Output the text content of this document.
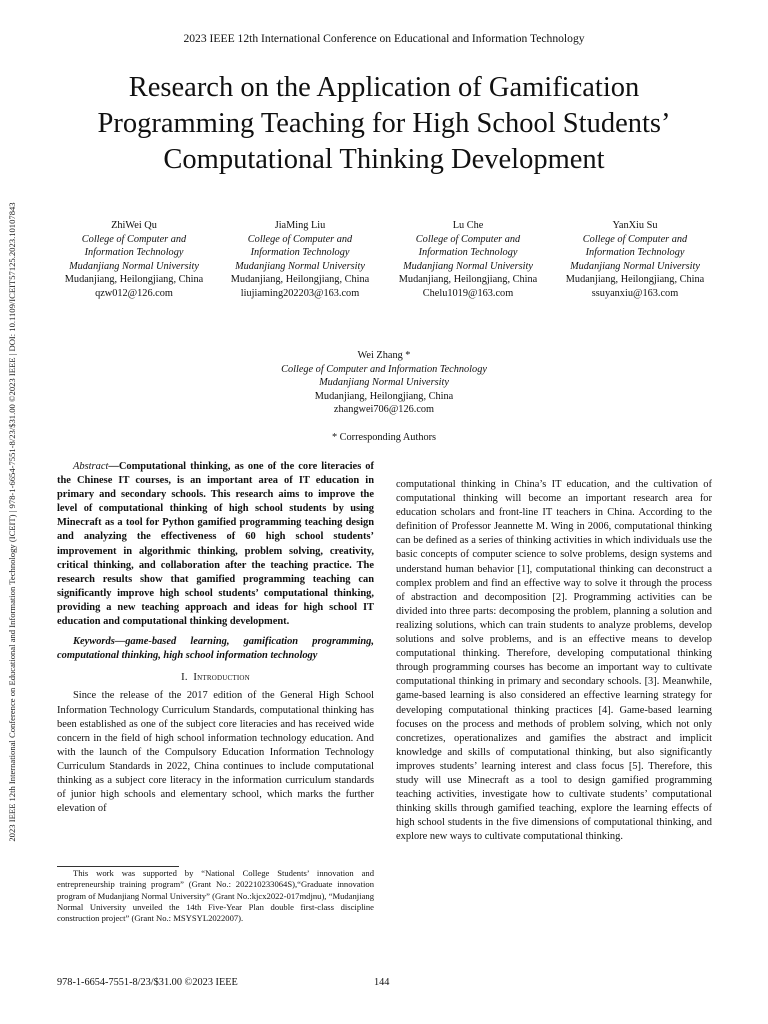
2023 IEEE 12th International Conference on Educational and Information Technology (ICEIT) | 978-1-6654-7551-8/23/$31.00 ©2023 IEEE | DOI: 10.1109/ICEIT57125.2023.10107843
2023 IEEE 12th International Conference on Educational and Information Technology
Research on the Application of Gamification
Programming Teaching for High School Students’
Computational Thinking Development
ZhiWei Qu
College of Computer and
Information Technology
Mudanjiang Normal University
Mudanjiang, Heilongjiang, China
qzw012@126.com
JiaMing Liu
College of Computer and
Information Technology
Mudanjiang Normal University
Mudanjiang, Heilongjiang, China
liujiaming202203@163.com
Lu Che
College of Computer and
Information Technology
Mudanjiang Normal University
Mudanjiang, Heilongjiang, China
Chelu1019@163.com
YanXiu Su
College of Computer and
Information Technology
Mudanjiang Normal University
Mudanjiang, Heilongjiang, China
ssuyanxiu@163.com
Wei Zhang *
College of Computer and Information Technology
Mudanjiang Normal University
Mudanjiang, Heilongjiang, China
zhangwei706@126.com
* Corresponding Authors

Abstract—Computational thinking, as one of the core literacies of the Chinese IT courses, is an important area of IT education in primary and secondary schools. This research aims to improve the level of computational thinking of high school students by using Minecraft as a tool for Python gamified programming teaching design and analyzing the effectiveness of 60 high school students’ improvement in algorithmic thinking, problem solving, creativity, critical thinking, and collaboration after the teaching practice. The research results show that gamified programming teaching can significantly improve high school students’ computational thinking, providing a new teaching approach and ideas for high school IT education and computational thinking development.

Keywords—game-based learning, gamification programming, computational thinking, high school information technology

I. Introduction

Since the release of the 2017 edition of the General High School Information Technology Curriculum Standards, computational thinking has been established as one of the subject core literacies and has received wide concern in the field of high school information technology education. And with the launch of the Compulsory Education Information Technology Curriculum Standards in 2022, China continues to include computational thinking as a subject core literacy in the information curriculum standards of junior high schools and elementary school, which marks the further elevation of

computational thinking in China’s IT education, and the cultivation of computational thinking will become an important research area for education scholars and front-line IT teachers in China. According to the definition of Professor Jeannette M. Wing in 2006, computational thinking can be defined as a series of thinking activities in which individuals use the basic concepts of computer science to solve problems, design systems and understand human behavior [1], computational thinking can deconstruct a complex problem and find an effective way to solve it through the process of abstraction and decomposition [2]. Programming activities can be divided into three parts: decomposing the problem, planning a solution and realizing solutions, which can train students to analyze problems, develop solutions and solve problems, and is an effective means to develop computational thinking. Therefore, developing computational thinking through programming courses has become an important way to cultivate computational thinking in primary and secondary schools. [3]. Meanwhile, game-based learning is also considered an effective learning strategy for developing computational thinking practices [4]. Game-based learning focuses on the process and methods of problem solving, which not only concretizes, operationalizes and gamifies the abstract and implicit knowledge and skills of computational thinking, but also significantly improves students’ learning interest and class focus [5]. Therefore, this study will use Minecraft as a tool to design gamified programming teaching activities, investigate how to cultivate students’ computational thinking skills through gamified teaching, explore the learning effects of high school students in the five dimensions of computational thinking, and explore new ways to cultivate computational thinking.

This work was supported by “National College Students’ innovation and entrepreneurship training program” (Grant No.: 202210233064S),“Graduate innovation program of Mudanjiang Normal University” (Grant No.:kjcx2022-017mdjnu), “Mudanjiang Normal University unveiled the 14th Five-Year Plan double first-class discipline construction project” (Grant No.: MSYSYL2022007).

978-1-6654-7551-8/23/$31.00 ©2023 IEEE	144
